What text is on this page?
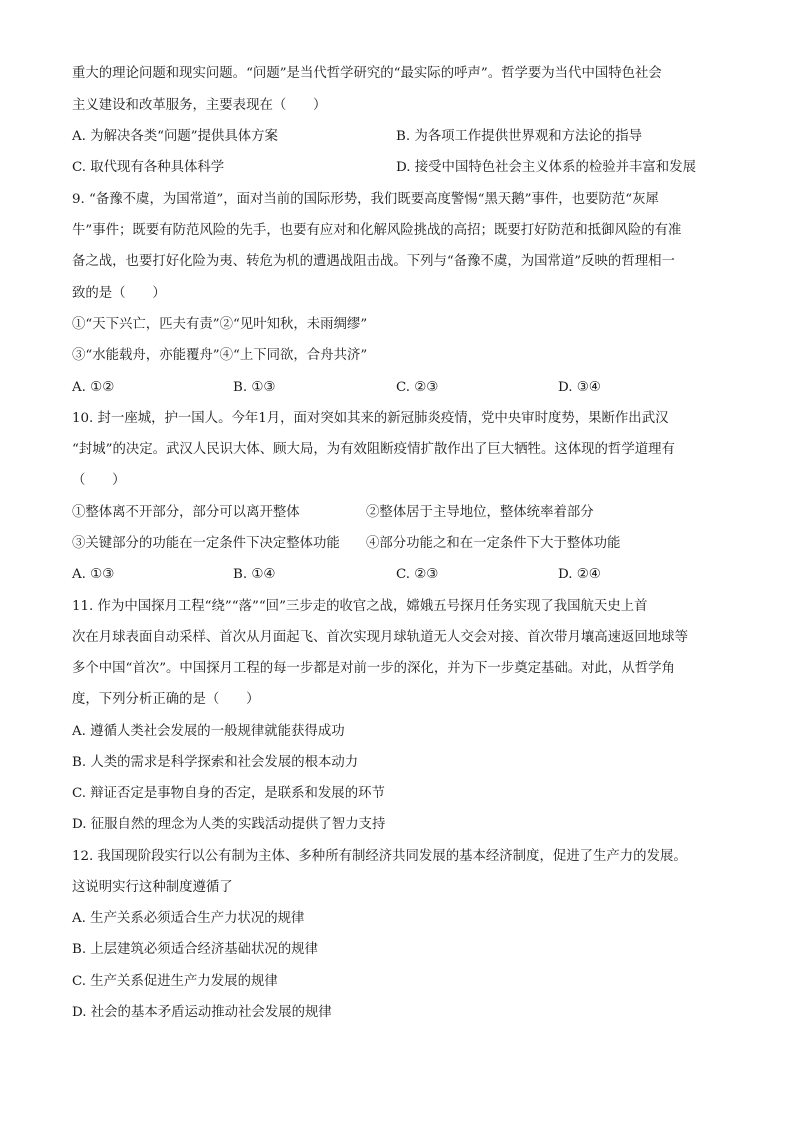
重大的理论问题和现实问题。“问题”是当代哲学研究的“最实际的呼声”。哲学要为当代中国特色社会
主义建设和改革服务，主要表现在（　　）
A. 为解决各类“问题”提供具体方案	B. 为各项工作提供世界观和方法论的指导
C. 取代现有各种具体科学	D. 接受中国特色社会主义体系的检验并丰富和发展
9. “备豫不虞，为国常道”，面对当前的国际形势，我们既要高度警惕“黑天鹅”事件，也要防范“灰犀
牛”事件；既要有防范风险的先手，也要有应对和化解风险挑战的高招；既要打好防范和抵御风险的有准
备之战，也要打好化险为夷、转危为机的遭遇战阻击战。下列与“备豫不虞，为国常道”反映的哲理相一
致的是（　　）
①“天下兴亡，匹夫有责”②“见叶知秋，未雨绸缪”
③“水能载舟，亦能覆舟”④“上下同欲，合舟共济”
A. ①②	B. ①③	C. ②③	D. ③④
10. 封一座城，护一国人。今年1月，面对突如其来的新冠肺炎疫情，党中央审时度势，果断作出武汉
“封城”的决定。武汉人民识大体、顾大局，为有效阻断疫情扩散作出了巨大牺牲。这体现的哲学道理有
（　　）
①整体离不开部分，部分可以离开整体	②整体居于主导地位，整体统率着部分
③关键部分的功能在一定条件下决定整体功能 ④部分功能之和在一定条件下大于整体功能
A. ①③	B. ①④	C. ②③	D. ②④
11. 作为中国探月工程“绕”“落”“回”三步走的收官之战，嫦娥五号探月任务实现了我国航天史上首
次在月球表面自动采样、首次从月面起飞、首次实现月球轨道无人交会对接、首次带月壤高速返回地球等
多个中国“首次”。中国探月工程的每一步都是对前一步的深化，并为下一步奠定基础。对此，从哲学角
度，下列分析正确的是（　　）
A. 遵循人类社会发展的一般规律就能获得成功
B. 人类的需求是科学探索和社会发展的根本动力
C. 辩证否定是事物自身的否定，是联系和发展的环节
D. 征服自然的理念为人类的实践活动提供了智力支持
12. 我国现阶段实行以公有制为主体、多种所有制经济共同发展的基本经济制度，促进了生产力的发展。
这说明实行这种制度遵循了
A. 生产关系必须适合生产力状况的规律
B. 上层建筑必须适合经济基础状况的规律
C. 生产关系促进生产力发展的规律
D. 社会的基本矛盾运动推动社会发展的规律
